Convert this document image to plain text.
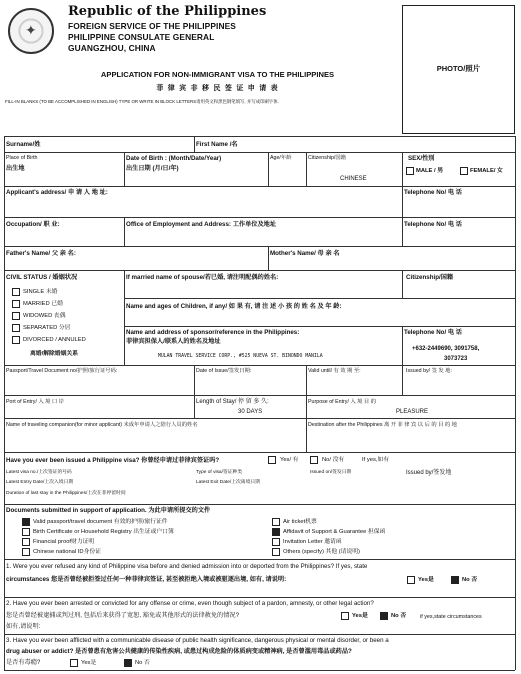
✦
Republic of the Philippines
FOREIGN SERVICE OF THE PHILIPPINES
PHILIPPINE CONSULATE GENERAL
GUANGZHOU, CHINA
APPLICATION FOR NON-IMMIGRANT VISA TO THE PHILIPPINES
菲 律 宾 非 移 民 签 证 申 请 表
FILL-IN BLANKS (TO BE ACCOMPLISHED IN ENGLISH) TYPE OR WRITE IN BLOCK LETTERS请用英文和黑色钢笔填写, 并写成印刷字体.
PHOTO/照片
Surname/姓	First Name /名
Place of Birth
出生地
Date of Birth : (Month/Date/Year)
出生日期 (月/日/年)
Age/年龄	Citizenship/国籍
CHINESE
SEX/性别
MALE / 男	FEMALE/ 女
Applicant's address/ 申 请 人 地 址:	Telephone No/ 电 话
Occupation/ 职 业:	Office of Employment and Address: 工作单位及地址	Telephone No/ 电 话
Father's Name/ 父 亲 名:	Mother's Name/ 母 亲 名
CIVIL STATUS / 婚姻状况
SINGLE 未婚
MARRIED 已婚
WIDOWED 丧偶
SEPARATED 分居
DIVORCED / ANNULED
离婚/解除婚姻关系
If married name of spouse/若已婚, 请注明配偶的姓名:	Citizenship/国籍
Name and ages of Children, if any/ 如 果 有, 请 注 述 小 孩 的 姓 名 及 年 龄:
Name and address of sponsor/reference in the Philippines:
菲律宾担保人/联系人的姓名及地址
MULAN TRAVEL SERVICE CORP., #525 NUEVA ST. BINONDO MANILA
Telephone No/ 电 话
+632-2449690, 3091758,
3073723
Passport/Travel Document no/护照/旅行证号码:	Date of Issue/签发日期:	Valid until/ 有 效 期 至:	Issued by/ 签 发 地:
Port of Entry/ 入 境 口 岸	Length of Stay/ 停 留 多 久:
30 DAYS
Purpose of Entry/ 入 境 目 的
PLEASURE
Name of traveling companion(for minor applicant) 未成年申请人之陪行人员的姓名	Destination after the Philippines 离 开 菲 律 宾 以 后 的 目 的 地
Have you ever been issued a Philippine visa? 你曾经申请过菲律宾签证吗?	Yes/ 有	No/ 没有	If yes,如有
Latest visa no./上次签证的号码	Type of visa/签证种类	Issued on/签发日期	Issued by/签发地
Latest Entry Date/上次入境日期	Latest Exit Date/上次离境日期
Duration of last stay in the Philippines/上次在菲停留时间
Documents submitted in support of application. 为此申请所提交的文件
Valid passport/travel document 有效的护照/旅行证件
Birth Certificate or Household Registry 出生证或户口簿
Financial proof财力证明
Chinese national ID身份证
Air ticket机票
Affidavit of Support & Guarantee 担保函
Invitation Letter 邀请函
Others (specify) 其他 (请说明)
1. Were you ever refused any kind of Philippine visa before and denied admission into or deported from the Philippines? If yes, state
circumstances 您是否曾经被拒签过任何一种菲律宾签证, 甚至被拒绝入境或被驱逐出境, 如有, 请说明:	Yes是	No 否
2. Have you ever been arrested or convicted for any offense or crime, even though subject of a pardon, amnesty, or other legal action?
您是否曾经被逮捕或判过刑, 包括后来获得了宽恕, 豁免或其他形式的法律赦免的情况?
如有,请说明:
Yes是	No 否	if yes,state circumstances
3. Have you ever been afflicted with a communicable disease of public health significance, dangerous physical or mental disorder, or been a
drug abuser or addict? 是否曾患有危害公共健康的传染性疾病, 或患过构成危险的体质病变或精神病, 是否曾滥用毒品或药品?
是否有毒瘾?	Yes是	No 否
